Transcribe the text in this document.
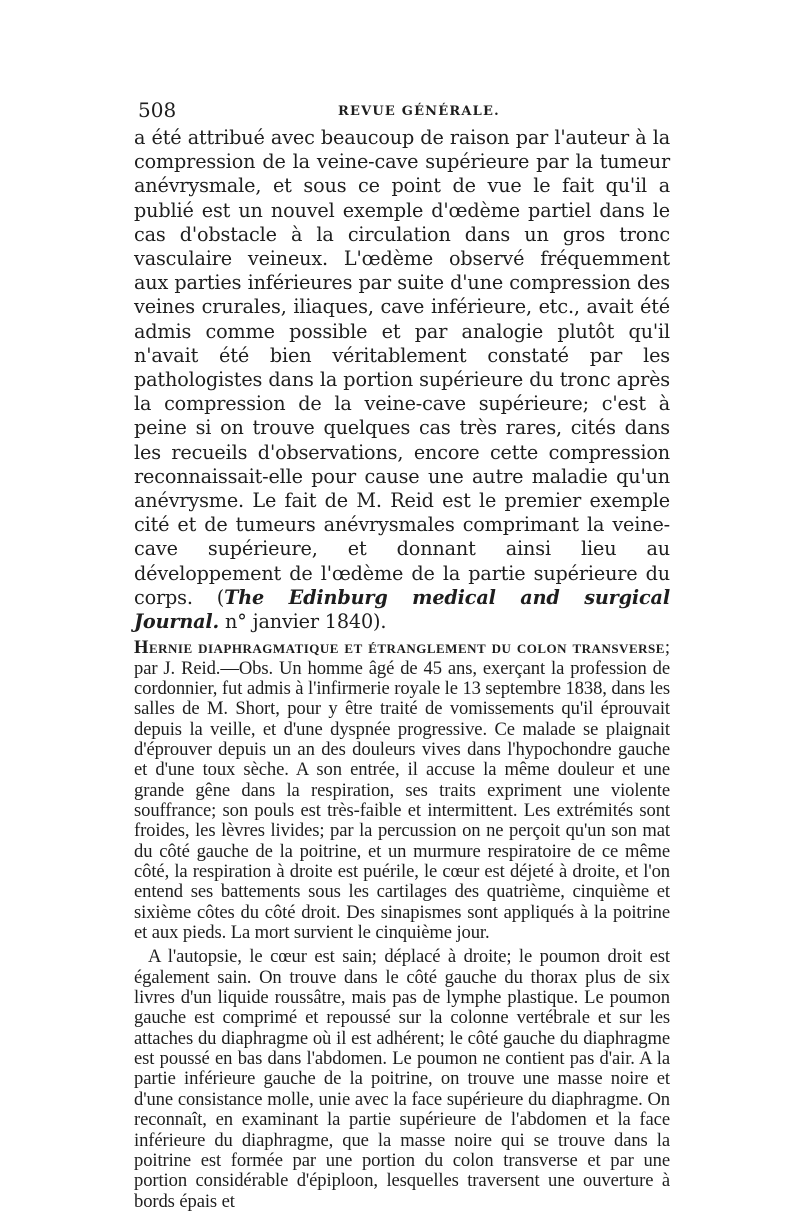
508	REVUE GÉNÉRALE.

a été attribué avec beaucoup de raison par l'auteur à la compression de la veine-cave supérieure par la tumeur anévrysmale, et sous ce point de vue le fait qu'il a publié est un nouvel exemple d'œdème partiel dans le cas d'obstacle à la circulation dans un gros tronc vasculaire veineux. L'œdème observé fréquemment aux parties inférieures par suite d'une compression des veines crurales, iliaques, cave inférieure, etc., avait été admis comme possible et par analogie plutôt qu'il n'avait été bien véritablement constaté par les pathologistes dans la portion supérieure du tronc après la compression de la veine-cave supérieure; c'est à peine si on trouve quelques cas très rares, cités dans les recueils d'observations, encore cette compression reconnaissait-elle pour cause une autre maladie qu'un anévrysme. Le fait de M. Reid est le premier exemple cité et de tumeurs anévrysmales comprimant la veine-cave supérieure, et donnant ainsi lieu au développement de l'œdème de la partie supérieure du corps. (The Edinburg medical and surgical Journal. n° janvier 1840).

Hernie diaphragmatique et étranglement du colon transverse; par J. Reid.—Obs. Un homme âgé de 45 ans, exerçant la profession de cordonnier, fut admis à l'infirmerie royale le 13 septembre 1838, dans les salles de M. Short, pour y être traité de vomissements qu'il éprouvait depuis la veille, et d'une dyspnée progressive. Ce malade se plaignait d'éprouver depuis un an des douleurs vives dans l'hypochondre gauche et d'une toux sèche. A son entrée, il accuse la même douleur et une grande gêne dans la respiration, ses traits expriment une violente souffrance; son pouls est très-faible et intermittent. Les extrémités sont froides, les lèvres livides; par la percussion on ne perçoit qu'un son mat du côté gauche de la poitrine, et un murmure respiratoire de ce même côté, la respiration à droite est puérile, le cœur est déjeté à droite, et l'on entend ses battements sous les cartilages des quatrième, cinquième et sixième côtes du côté droit. Des sinapismes sont appliqués à la poitrine et aux pieds. La mort survient le cinquième jour.

A l'autopsie, le cœur est sain; déplacé à droite; le poumon droit est également sain. On trouve dans le côté gauche du thorax plus de six livres d'un liquide roussâtre, mais pas de lymphe plastique. Le poumon gauche est comprimé et repoussé sur la colonne vertébrale et sur les attaches du diaphragme où il est adhérent; le côté gauche du diaphragme est poussé en bas dans l'abdomen. Le poumon ne contient pas d'air. A la partie inférieure gauche de la poitrine, on trouve une masse noire et d'une consistance molle, unie avec la face supérieure du diaphragme. On reconnaît, en examinant la partie supérieure de l'abdomen et la face inférieure du diaphragme, que la masse noire qui se trouve dans la poitrine est formée par une portion du colon transverse et par une portion considérable d'épiploon, lesquelles traversent une ouverture à bords épais et
